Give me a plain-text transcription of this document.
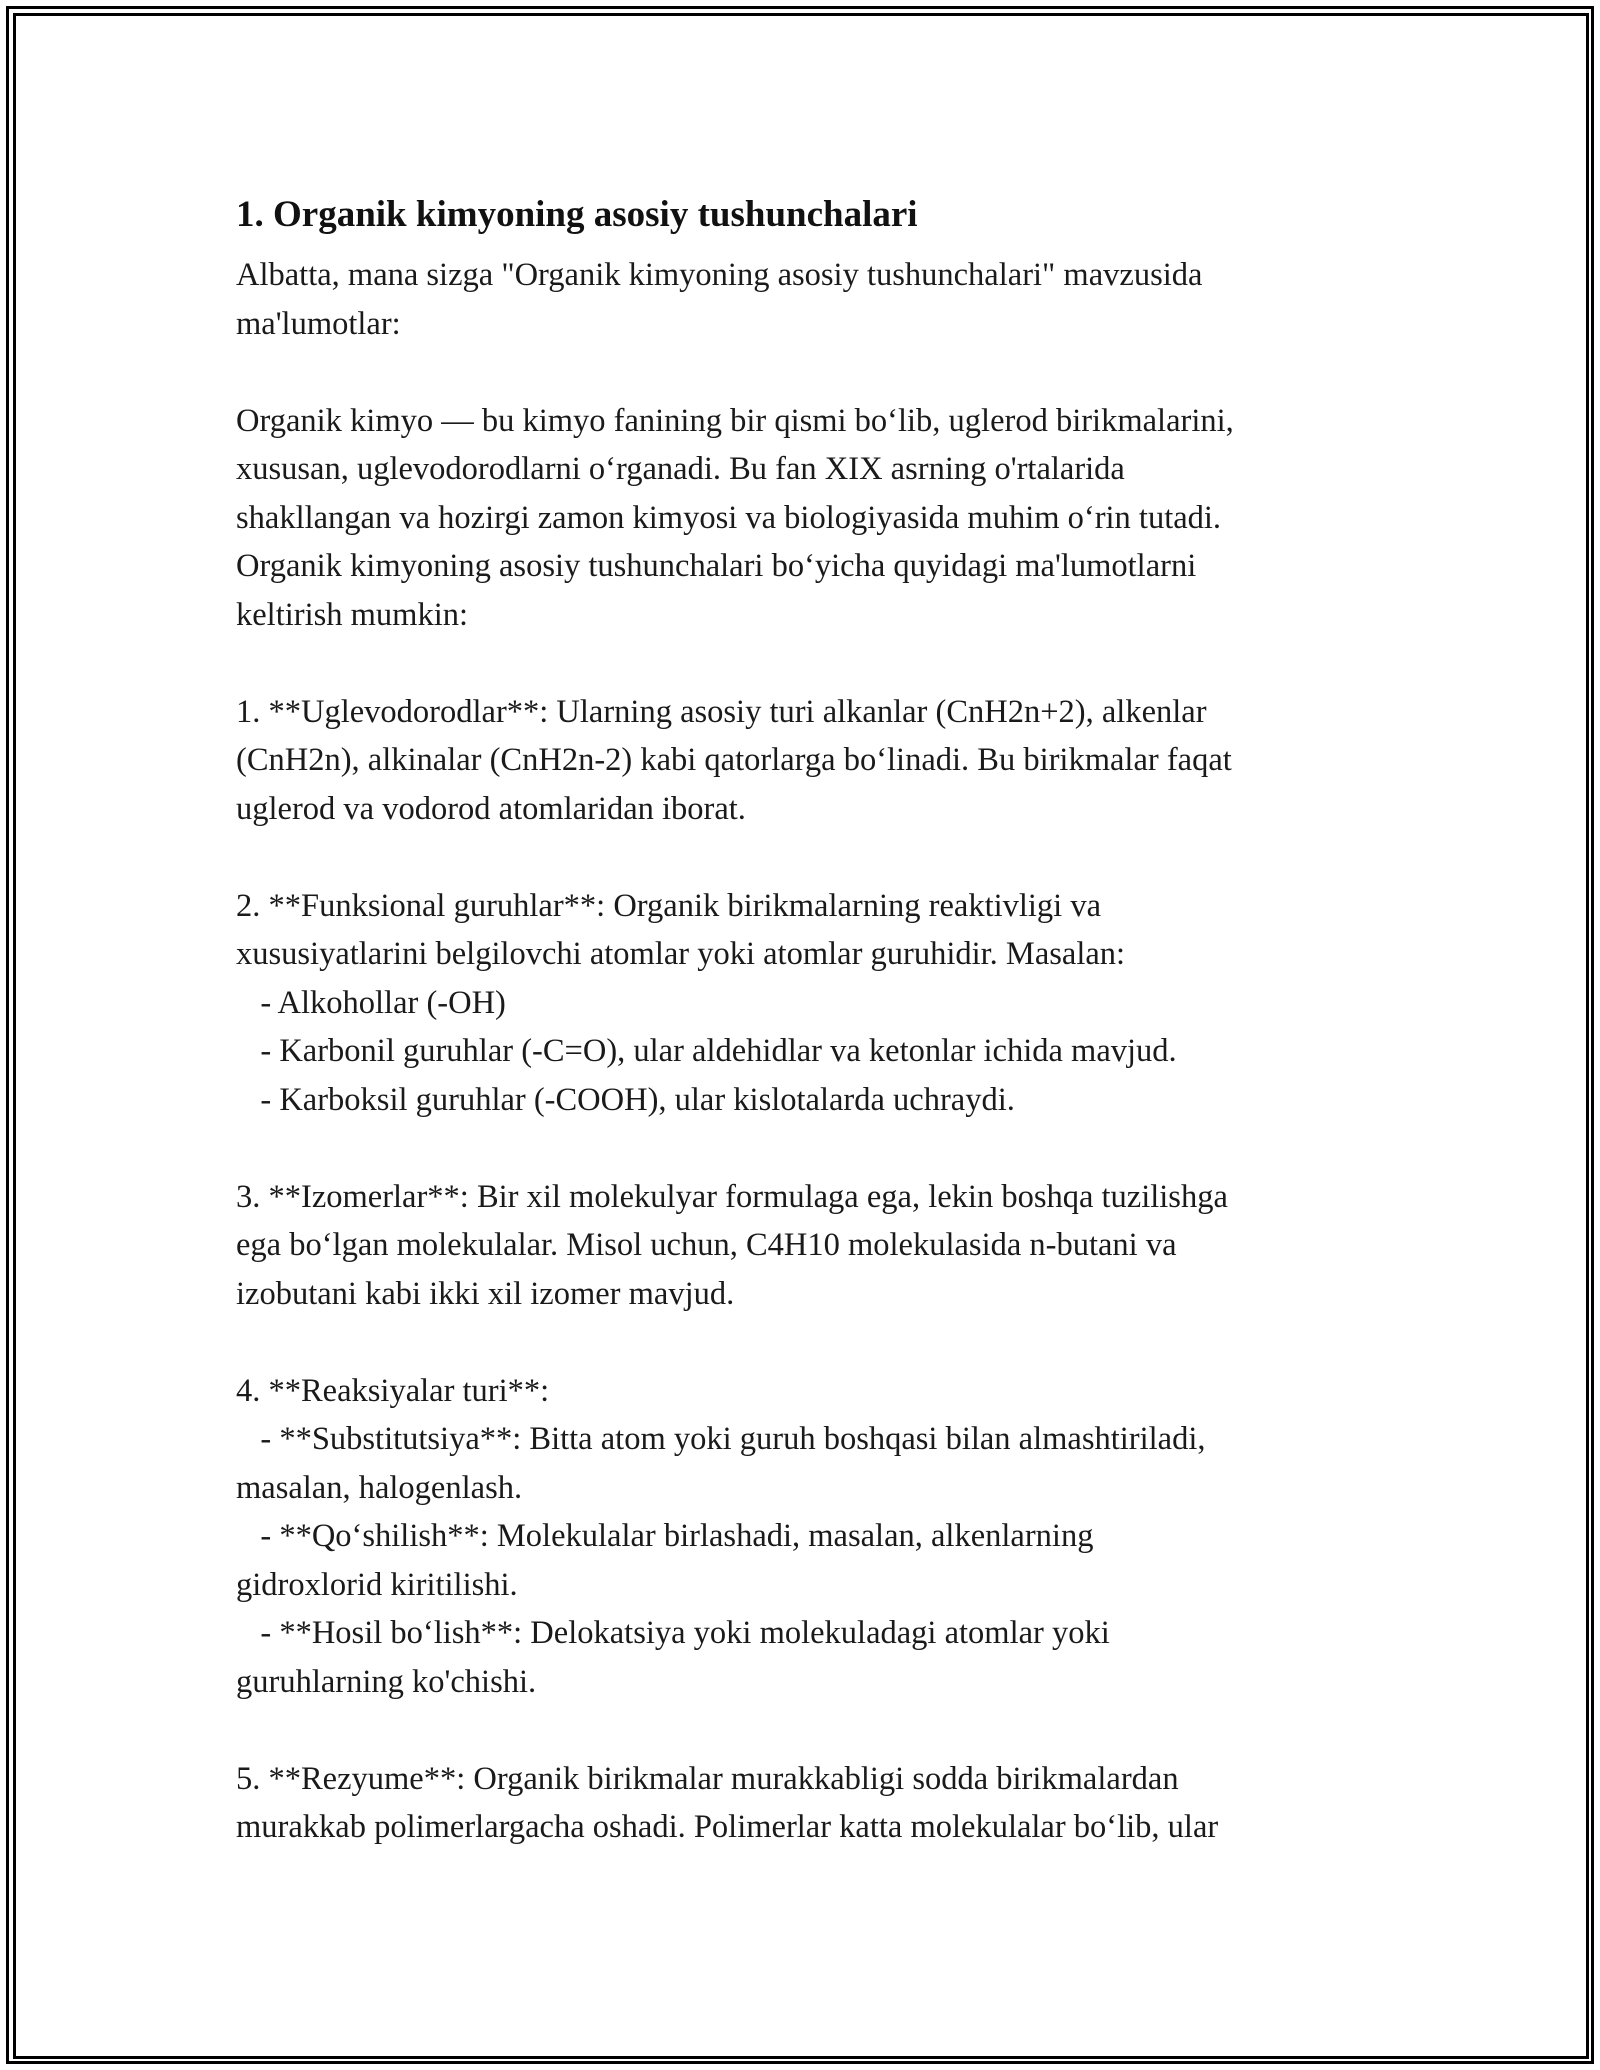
1. Organik kimyoning asosiy tushunchalari

Albatta, mana sizga "Organik kimyoning asosiy tushunchalari" mavzusida
ma'lumotlar:

Organik kimyo — bu kimyo fanining bir qismi boʻlib, uglerod birikmalarini,
xususan, uglevodorodlarni oʻrganadi. Bu fan XIX asrning o'rtalarida
shakllangan va hozirgi zamon kimyosi va biologiyasida muhim oʻrin tutadi.
Organik kimyoning asosiy tushunchalari boʻyicha quyidagi ma'lumotlarni
keltirish mumkin:

1. **Uglevodorodlar**: Ularning asosiy turi alkanlar (CnH2n+2), alkenlar
(CnH2n), alkinalar (CnH2n-2) kabi qatorlarga boʻlinadi. Bu birikmalar faqat
uglerod va vodorod atomlaridan iborat.

2. **Funksional guruhlar**: Organik birikmalarning reaktivligi va
xususiyatlarini belgilovchi atomlar yoki atomlar guruhidir. Masalan:
- Alkohollar (-OH)
- Karbonil guruhlar (-C=O), ular aldehidlar va ketonlar ichida mavjud.
- Karboksil guruhlar (-COOH), ular kislotalarda uchraydi.

3. **Izomerlar**: Bir xil molekulyar formulaga ega, lekin boshqa tuzilishga
ega boʻlgan molekulalar. Misol uchun, C4H10 molekulasida n-butani va
izobutani kabi ikki xil izomer mavjud.

4. **Reaksiyalar turi**:
- **Substitutsiya**: Bitta atom yoki guruh boshqasi bilan almashtiriladi,
masalan, halogenlash.
- **Qoʻshilish**: Molekulalar birlashadi, masalan, alkenlarning
gidroxlorid kiritilishi.
- **Hosil boʻlish**: Delokatsiya yoki molekuladagi atomlar yoki
guruhlarning ko'chishi.

5. **Rezyume**: Organik birikmalar murakkabligi sodda birikmalardan
murakkab polimerlargacha oshadi. Polimerlar katta molekulalar boʻlib, ular
